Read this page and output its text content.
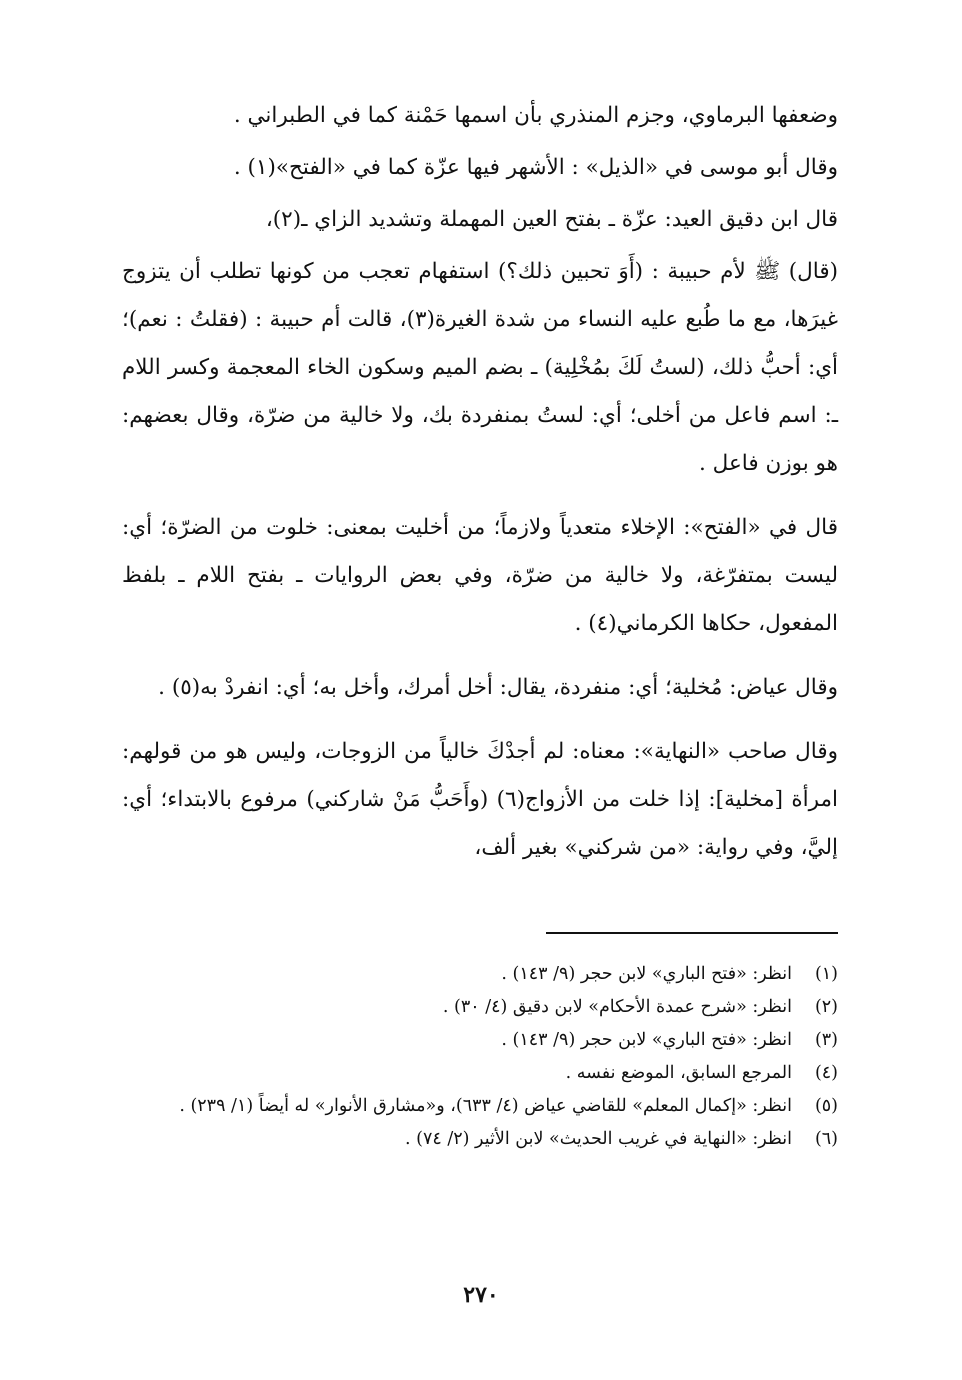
وضعفها البرماوي، وجزم المنذري بأن اسمها حَمْنة كما في الطبراني .

وقال أبو موسى في «الذيل» : الأشهر فيها عزّة كما في «الفتح»(١) .

قال ابن دقيق العيد: عزّة ـ بفتح العين المهملة وتشديد الزاي ـ(٢)،

(قال) ﷺ لأم حبيبة : (أَوَ تحبين ذلك؟) استفهام تعجب من كونها تطلب أن يتزوج غيرَها، مع ما طُبع عليه النساء من شدة الغيرة(٣)، قالت أم حبيبة : (فقلتُ : نعم)؛ أي: أحبُّ ذلك، (لستُ لَكَ بمُخْلِية) ـ بضم الميم وسكون الخاء المعجمة وكسر اللام ـ: اسم فاعل من أخلى؛ أي: لستُ بمنفردة بك، ولا خالية من ضرّة، وقال بعضهم: هو بوزن فاعل .

قال في «الفتح»: الإخلاء متعدياً ولازماً؛ من أخليت بمعنى: خلوت من الضرّة؛ أي: ليست بمتفرّغة، ولا خالية من ضرّة، وفي بعض الروايات ـ بفتح اللام ـ بلفظ المفعول، حكاها الكرماني(٤) .

وقال عياض: مُخلية؛ أي: منفردة، يقال: أخل أمرك، وأخل به؛ أي: انفردْ به(٥) .

وقال صاحب «النهاية»: معناه: لم أجدْكَ خالياً من الزوجات، وليس هو من قولهم: امرأة [مخلية]: إذا خلت من الأزواج(٦) (وأَحَبُّ مَنْ شاركني) مرفوع بالابتداء؛ أي: إليَّ، وفي رواية: «من شركني» بغير ألف،

(١)
انظر: «فتح الباري» لابن حجر (٩/ ١٤٣) .
(٢)
انظر: «شرح عمدة الأحكام» لابن دقيق (٤/ ٣٠) .
(٣)
انظر: «فتح الباري» لابن حجر (٩/ ١٤٣) .
(٤)
المرجع السابق، الموضع نفسه .
(٥)
انظر: «إكمال المعلم» للقاضي عياض (٤/ ٦٣٣)، و«مشارق الأنوار» له أيضاً (١/ ٢٣٩) .
(٦)
انظر: «النهاية في غريب الحديث» لابن الأثير (٢/ ٧٤) .
٢٧٠
